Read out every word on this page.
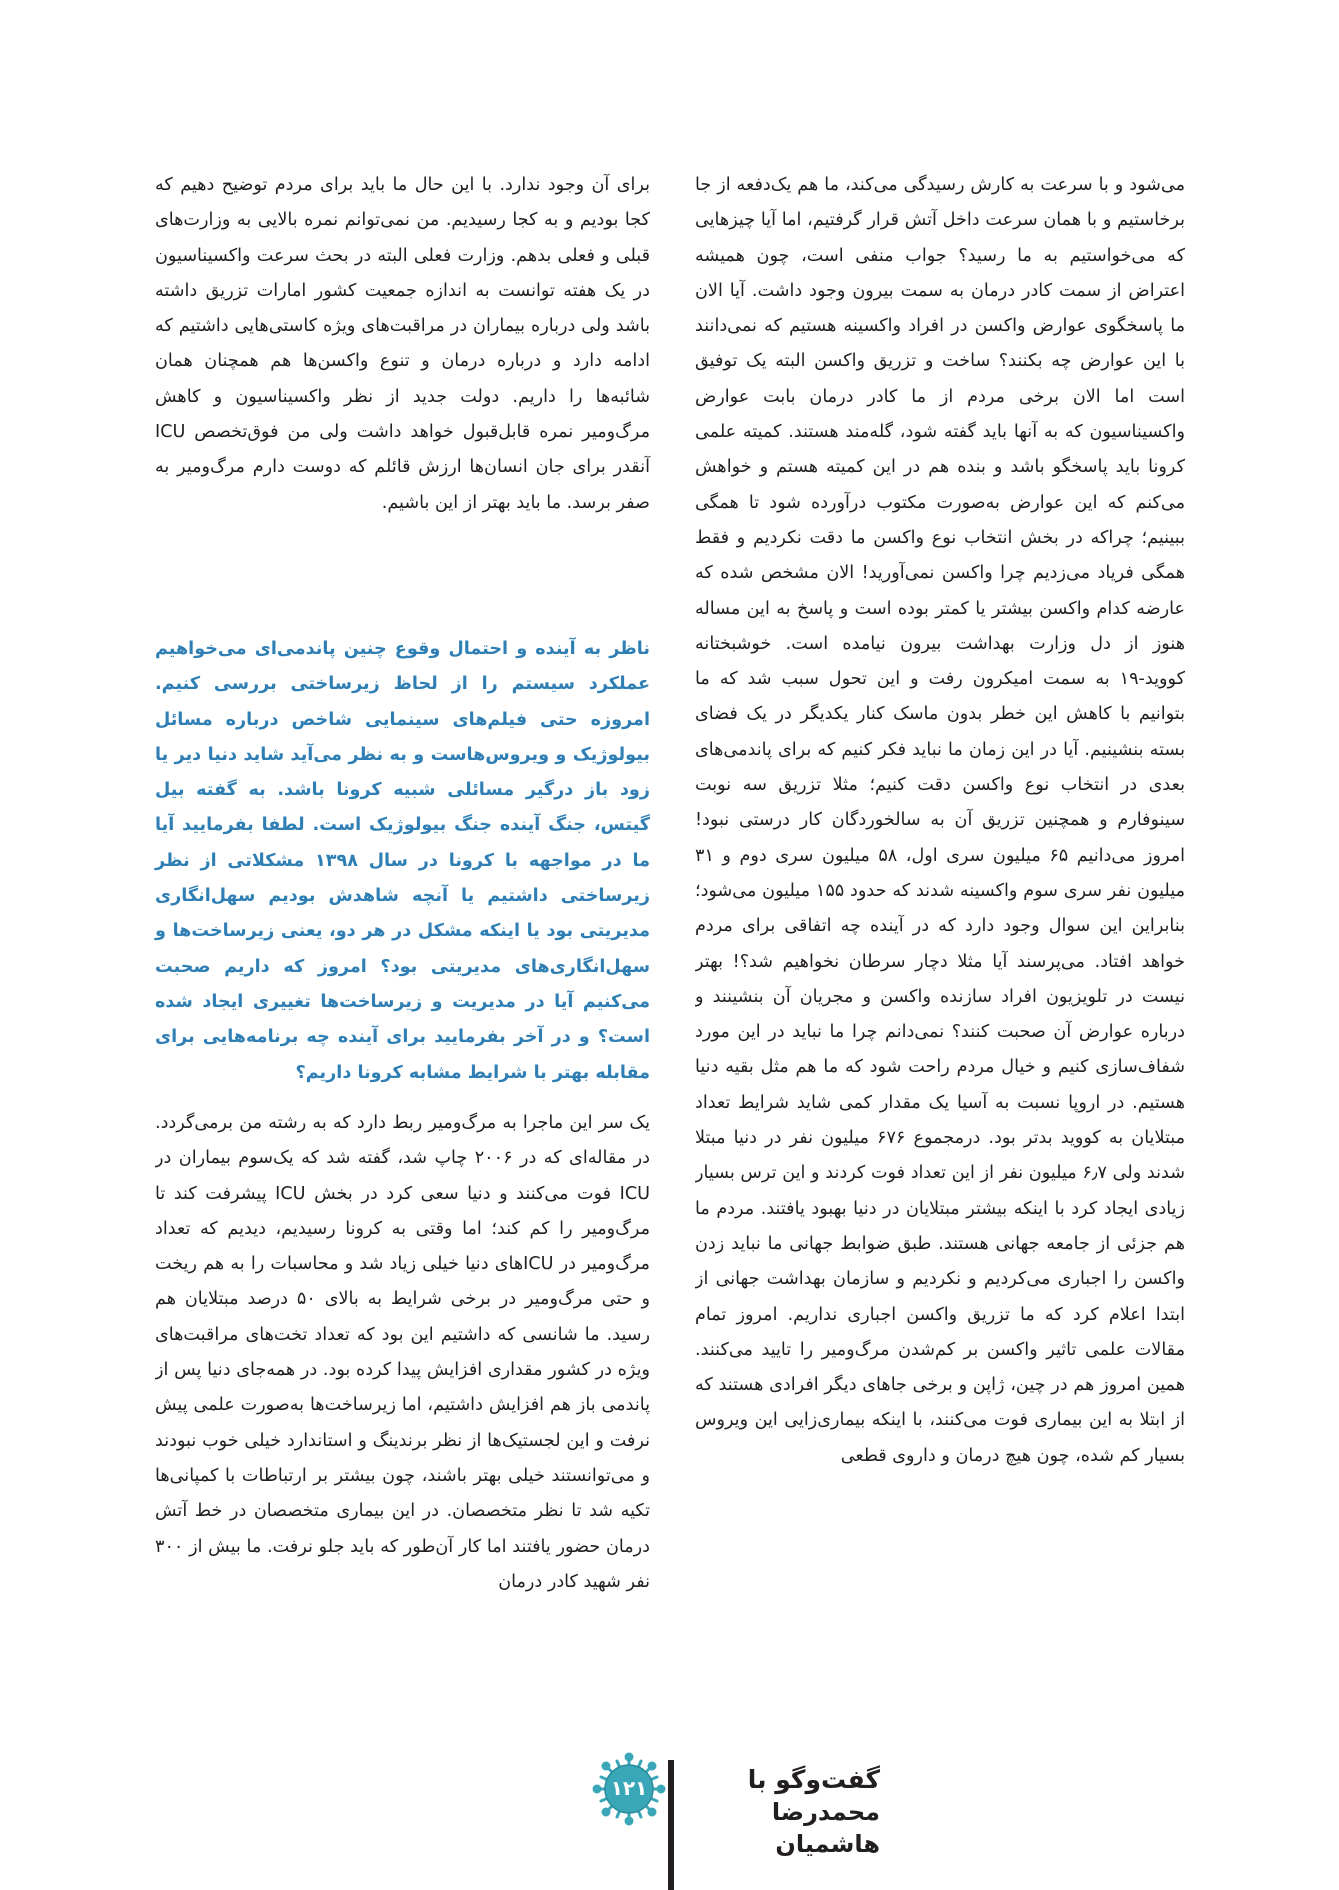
می‌شود و با سرعت به کارش رسیدگی می‌کند، ما هم یک‌دفعه از جا برخاستیم و با همان سرعت داخل آتش قرار گرفتیم، اما آیا چیزهایی که می‌خواستیم به ما رسید؟ جواب منفی است، چون همیشه اعتراض از سمت کادر درمان به سمت بیرون وجود داشت. آیا الان ما پاسخگوی عوارض واکسن در افراد واکسینه هستیم که نمی‌دانند با این عوارض چه بکنند؟ ساخت و تزریق واکسن البته یک توفیق است اما الان برخی مردم از ما کادر درمان بابت عوارض واکسیناسیون که به آنها باید گفته شود، گله‌مند هستند. کمیته علمی کرونا باید پاسخگو باشد و بنده هم در این کمیته هستم و خواهش می‌کنم که این عوارض به‌صورت مکتوب درآورده شود تا همگی ببینیم؛ چراکه در بخش انتخاب نوع واکسن ما دقت نکردیم و فقط همگی فریاد می‌زدیم چرا واکسن نمی‌آورید! الان مشخص شده که عارضه کدام واکسن بیشتر یا کمتر بوده است و پاسخ به این مساله هنوز از دل وزارت بهداشت بیرون نیامده است. خوشبختانه کووید-۱۹ به سمت امیکرون رفت و این تحول سبب شد که ما بتوانیم با کاهش این خطر بدون ماسک کنار یکدیگر در یک فضای بسته بنشینیم. آیا در این زمان ما نباید فکر کنیم که برای پاندمی‌های بعدی در انتخاب نوع واکسن دقت کنیم؛ مثلا تزریق سه نوبت سینوفارم و همچنین تزریق آن به سالخوردگان کار درستی نبود! امروز می‌دانیم ۶۵ میلیون سری اول، ۵۸ میلیون سری دوم و ۳۱ میلیون نفر سری سوم واکسینه شدند که حدود ۱۵۵ میلیون می‌شود؛ بنابراین این سوال وجود دارد که در آینده چه اتفاقی برای مردم خواهد افتاد. می‌پرسند آیا مثلا دچار سرطان نخواهیم شد؟! بهتر نیست در تلویزیون افراد سازنده واکسن و مجریان آن بنشینند و درباره عوارض آن صحبت کنند؟ نمی‌دانم چرا ما نباید در این مورد شفاف‌سازی کنیم و خیال مردم راحت شود که ما هم مثل بقیه دنیا هستیم. در اروپا نسبت به آسیا یک مقدار کمی شاید شرایط تعداد مبتلایان به کووید بدتر بود. درمجموع ۶۷۶ میلیون نفر در دنیا مبتلا شدند ولی ۶٫۷ میلیون نفر از این تعداد فوت کردند و این ترس بسیار زیادی ایجاد کرد با اینکه بیشتر مبتلایان در دنیا بهبود یافتند. مردم ما هم جزئی از جامعه جهانی هستند. طبق ضوابط جهانی ما نباید زدن واکسن را اجباری می‌کردیم و نکردیم و سازمان بهداشت جهانی از ابتدا اعلام کرد که ما تزریق واکسن اجباری نداریم. امروز تمام مقالات علمی تاثیر واکسن بر کم‌شدن مرگ‌ومیر را تایید می‌کنند. همین امروز هم در چین، ژاپن و برخی جاهای دیگر افرادی هستند که از ابتلا به این بیماری فوت می‌کنند، با اینکه بیماری‌زایی این ویروس بسیار کم شده، چون هیچ درمان و داروی قطعی

برای آن وجود ندارد. با این حال ما باید برای مردم توضیح دهیم که کجا بودیم و به کجا رسیدیم. من نمی‌توانم نمره بالایی به وزارت‌های قبلی و فعلی بدهم. وزارت فعلی البته در بحث سرعت واکسیناسیون در یک هفته توانست به اندازه جمعیت کشور امارات تزریق داشته باشد ولی درباره بیماران در مراقبت‌های ویژه کاستی‌هایی داشتیم که ادامه دارد و درباره درمان و تنوع واکسن‌ها هم همچنان همان شائبه‌ها را داریم. دولت جدید از نظر واکسیناسیون و کاهش مرگ‌ومیر نمره قابل‌قبول خواهد داشت ولی من فوق‌تخصص ICU آنقدر برای جان انسان‌ها ارزش قائلم که دوست دارم مرگ‌ومیر به صفر برسد. ما باید بهتر از این باشیم.

ناظر به آینده و احتمال وقوع چنین پاندمی‌ای می‌خواهیم عملکرد سیستم را از لحاظ زیرساختی بررسی کنیم. امروزه حتی فیلم‌های سینمایی شاخص درباره مسائل بیولوژیک و ویروس‌هاست و به نظر می‌آید شاید دنیا دیر یا زود باز درگیر مسائلی شبیه کرونا باشد. به گفته بیل گیتس، جنگ آینده جنگ بیولوژیک است. لطفا بفرمایید آیا ما در مواجهه با کرونا در سال ۱۳۹۸ مشکلاتی از نظر زیرساختی داشتیم یا آنچه شاهدش بودیم سهل‌انگاری مدیریتی بود یا اینکه مشکل در هر دو، یعنی زیرساخت‌ها و سهل‌انگاری‌های مدیریتی بود؟ امروز که داریم صحبت می‌کنیم آیا در مدیریت و زیرساخت‌ها تغییری ایجاد شده است؟ و در آخر بفرمایید برای آینده چه برنامه‌هایی برای مقابله بهتر با شرایط مشابه کرونا داریم؟

یک سر این ماجرا به مرگ‌ومیر ربط دارد که به رشته من برمی‌گردد. در مقاله‌ای که در ۲۰۰۶ چاپ شد، گفته شد که یک‌سوم بیماران در ICU فوت می‌کنند و دنیا سعی کرد در بخش ICU پیشرفت کند تا مرگ‌ومیر را کم کند؛ اما وقتی به کرونا رسیدیم، دیدیم که تعداد مرگ‌ومیر در ICUهای دنیا خیلی زیاد شد و محاسبات را به هم ریخت و حتی مرگ‌ومیر در برخی شرایط به بالای ۵۰ درصد مبتلایان هم رسید. ما شانسی که داشتیم این بود که تعداد تخت‌های مراقبت‌های ویژه در کشور مقداری افزایش پیدا کرده بود. در همه‌جای دنیا پس از پاندمی باز هم افزایش داشتیم، اما زیرساخت‌ها به‌صورت علمی پیش نرفت و این لجستیک‌ها از نظر برندینگ و استاندارد خیلی خوب نبودند و می‌توانستند خیلی بهتر باشند، چون بیشتر بر ارتباطات با کمپانی‌ها تکیه شد تا نظر متخصصان. در این بیماری متخصصان در خط آتش درمان حضور یافتند اما کار آن‌طور که باید جلو نرفت. ما بیش از ۳۰۰ نفر شهید کادر درمان

گفت‌وگو با
محمدرضا هاشمیان
۱۲۱
